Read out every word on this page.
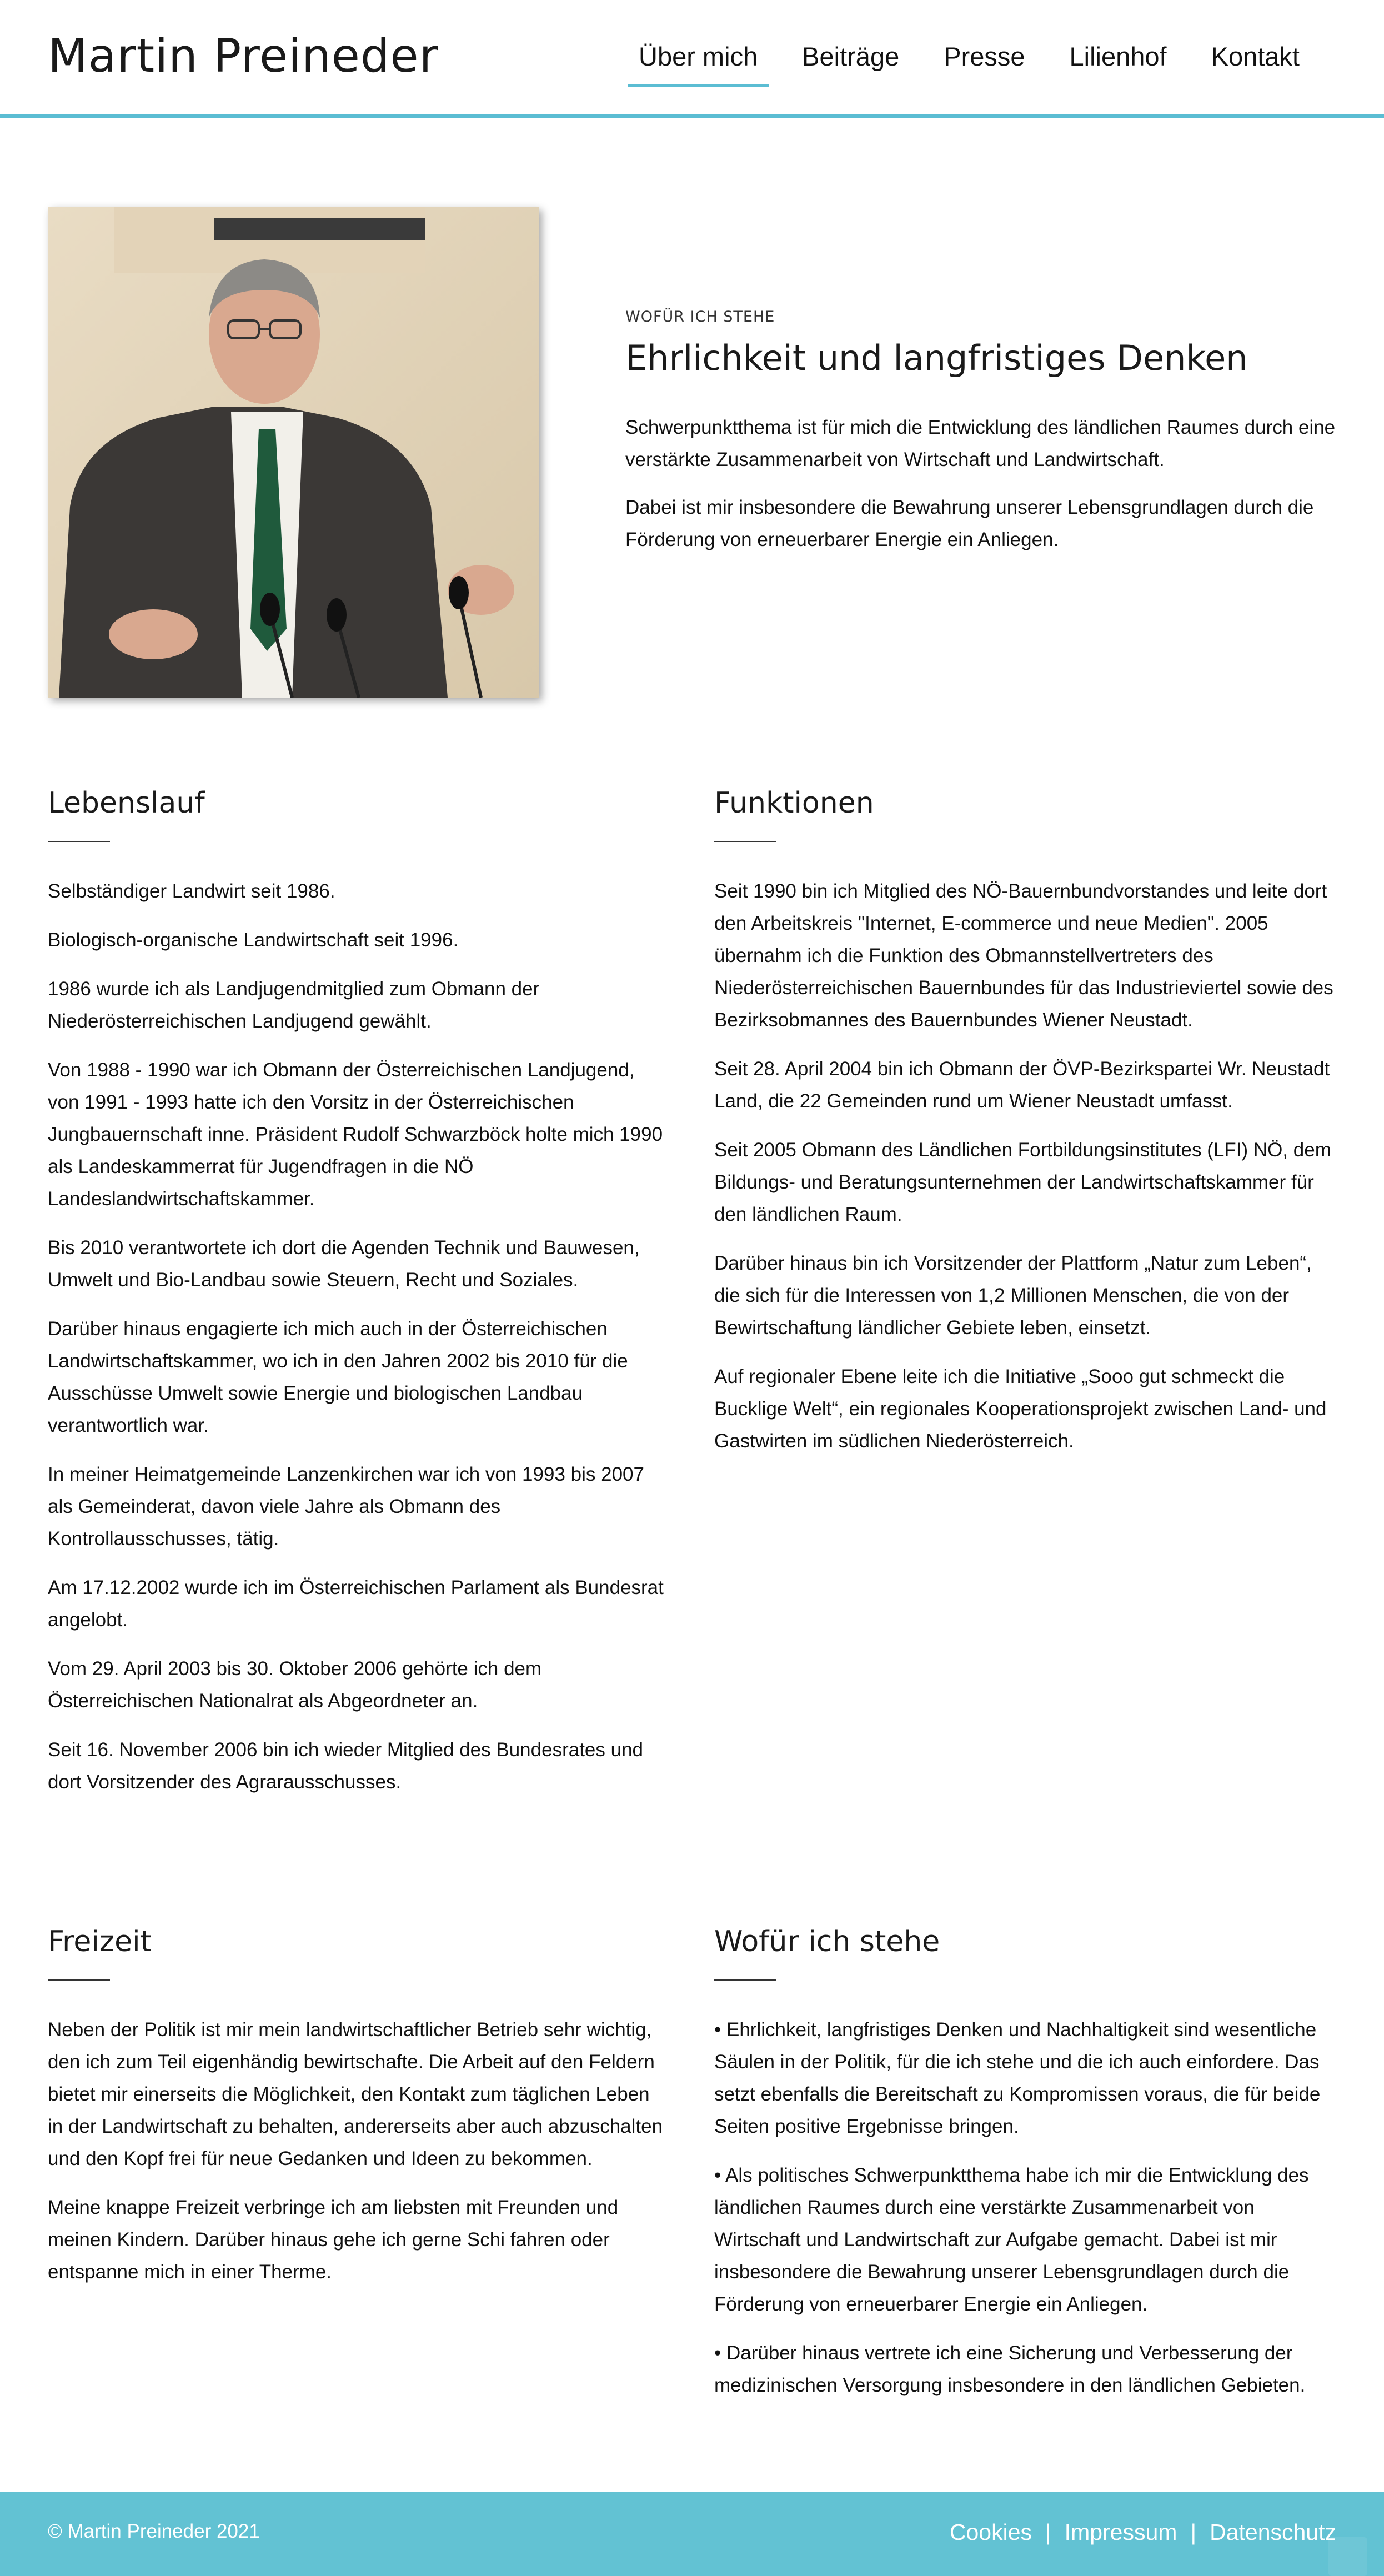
Martin Preineder	Über mich	Beiträge	Presse	Lilienhof	Kontakt
WOFÜR ICH STEHE
Ehrlichkeit und langfristiges Denken

Schwerpunktthema ist für mich die Entwicklung des ländlichen Raumes durch eine verstärkte Zusammenarbeit von Wirtschaft und Landwirtschaft.

Dabei ist mir insbesondere die Bewahrung unserer Lebensgrundlagen durch die Förderung von erneuerbarer Energie ein Anliegen.

Lebenslauf

Selbständiger Landwirt seit 1986.

Biologisch-organische Landwirtschaft seit 1996.

1986 wurde ich als Landjugendmitglied zum Obmann der Niederösterreichischen Landjugend gewählt.

Von 1988 - 1990 war ich Obmann der Österreichischen Landjugend, von 1991 - 1993 hatte ich den Vorsitz in der Österreichischen Jungbauernschaft inne. Präsident Rudolf Schwarzböck holte mich 1990 als Landeskammerrat für Jugendfragen in die NÖ Landeslandwirtschaftskammer.

Bis 2010 verantwortete ich dort die Agenden Technik und Bauwesen, Umwelt und Bio-Landbau sowie Steuern, Recht und Soziales.

Darüber hinaus engagierte ich mich auch in der Österreichischen Landwirtschaftskammer, wo ich in den Jahren 2002 bis 2010 für die Ausschüsse Umwelt sowie Energie und biologischen Landbau verantwortlich war.

In meiner Heimatgemeinde Lanzenkirchen war ich von 1993 bis 2007 als Gemeinderat, davon viele Jahre als Obmann des Kontrollausschusses, tätig.

Am 17.12.2002 wurde ich im Österreichischen Parlament als Bundesrat angelobt.

Vom 29. April 2003 bis 30. Oktober 2006 gehörte ich dem Österreichischen Nationalrat als Abgeordneter an.

Seit 16. November 2006 bin ich wieder Mitglied des Bundesrates und dort Vorsitzender des Agrarausschusses.

Funktionen

Seit 1990 bin ich Mitglied des NÖ-Bauernbundvorstandes und leite dort den Arbeitskreis "Internet, E-commerce und neue Medien". 2005 übernahm ich die Funktion des Obmannstellvertreters des Niederösterreichischen Bauernbundes für das Industrieviertel sowie des Bezirksobmannes des Bauernbundes Wiener Neustadt.

Seit 28. April 2004 bin ich Obmann der ÖVP-Bezirkspartei Wr. Neustadt Land, die 22 Gemeinden rund um Wiener Neustadt umfasst.

Seit 2005 Obmann des Ländlichen Fortbildungsinstitutes (LFI) NÖ, dem Bildungs- und Beratungsunternehmen der Landwirtschaftskammer für den ländlichen Raum.

Darüber hinaus bin ich Vorsitzender der Plattform „Natur zum Leben“, die sich für die Interessen von 1,2 Millionen Menschen, die von der Bewirtschaftung ländlicher Gebiete leben, einsetzt.

Auf regionaler Ebene leite ich die Initiative „Sooo gut schmeckt die Bucklige Welt“, ein regionales Kooperationsprojekt zwischen Land- und Gastwirten im südlichen Niederösterreich.

Freizeit

Neben der Politik ist mir mein landwirtschaftlicher Betrieb sehr wichtig, den ich zum Teil eigenhändig bewirtschafte. Die Arbeit auf den Feldern bietet mir einerseits die Möglichkeit, den Kontakt zum täglichen Leben in der Landwirtschaft zu behalten, andererseits aber auch abzuschalten und den Kopf frei für neue Gedanken und Ideen zu bekommen.

Meine knappe Freizeit verbringe ich am liebsten mit Freunden und meinen Kindern. Darüber hinaus gehe ich gerne Schi fahren oder entspanne mich in einer Therme.

Wofür ich stehe

• Ehrlichkeit, langfristiges Denken und Nachhaltigkeit sind wesentliche Säulen in der Politik, für die ich stehe und die ich auch einfordere. Das setzt ebenfalls die Bereitschaft zu Kompromissen voraus, die für beide Seiten positive Ergebnisse bringen.

• Als politisches Schwerpunktthema habe ich mir die Entwicklung des ländlichen Raumes durch eine verstärkte Zusammenarbeit von Wirtschaft und Landwirtschaft zur Aufgabe gemacht. Dabei ist mir insbesondere die Bewahrung unserer Lebensgrundlagen durch die Förderung von erneuerbarer Energie ein Anliegen.

• Darüber hinaus vertrete ich eine Sicherung und Verbesserung der medizinischen Versorgung insbesondere in den ländlichen Gebieten.

© Martin Preineder 2021	Cookies | Impressum | Datenschutz
